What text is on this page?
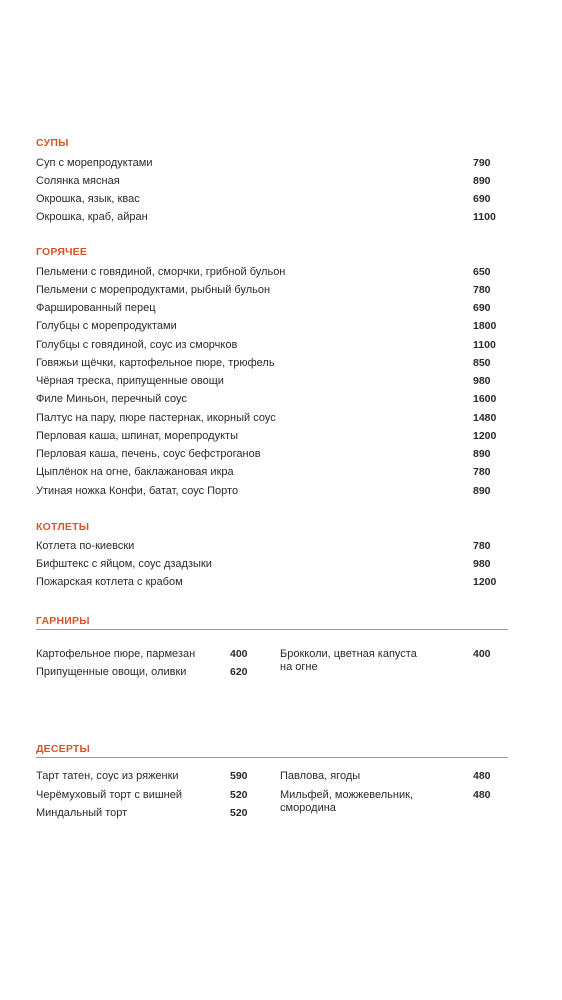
СУПЫ
Суп с морепродуктами	790
Солянка мясная	890
Окрошка, язык, квас	690
Окрошка, краб, айран	1100
ГОРЯЧЕЕ
Пельмени с говядиной, сморчки, грибной бульон	650
Пельмени с морепродуктами, рыбный бульон	780
Фаршированный перец	690
Голубцы с морепродуктами	1800
Голубцы с говядиной, соус из сморчков	1100
Говяжьи щёчки, картофельное пюре, трюфель	850
Чёрная треска, припущенные овощи	980
Филе Миньон, перечный соус	1600
Палтус на пару, пюре пастернак, икорный соус	1480
Перловая каша, шпинат, морепродукты	1200
Перловая каша, печень, соус бефстроганов	890
Цыплёнок на огне, баклажановая икра	780
Утиная ножка Конфи, батат, соус Порто	890
КОТЛЕТЫ
Котлета по-киевски	780
Бифштекс с яйцом, соус дзадзыки	980
Пожарская котлета с крабом	1200
ГАРНИРЫ
Картофельное пюре, пармезан	400
Припущенные овощи, оливки	620
Брокколи, цветная капуста
на огне
400
ДЕСЕРТЫ
Тарт татен, соус из ряженки	590
Черёмуховый торт с вишней	520
Миндальный торт	520
Павлова, ягоды	480
Мильфей, можжевельник,
смородина
480
